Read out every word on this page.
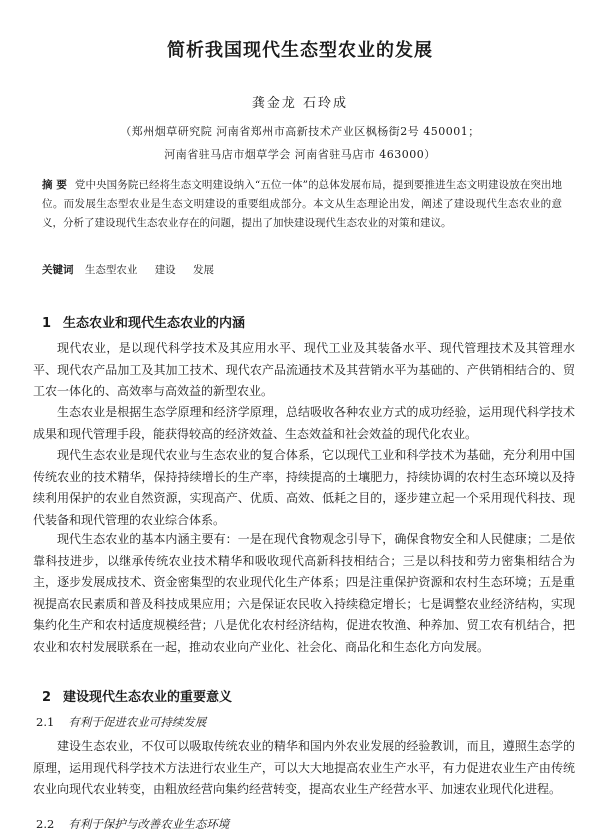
简析我国现代生态型农业的发展
龚金龙 石玲成
（郑州烟草研究院 河南省郑州市高新技术产业区枫杨街2号 450001；
河南省驻马店市烟草学会 河南省驻马店市 463000）
摘 要 党中央国务院已经将生态文明建设纳入“五位一体”的总体发展布局，提到要推进生态文明建设放在突出地位。而发展生态型农业是生态文明建设的重要组成部分。本文从生态理论出发，阐述了建设现代生态农业的意义，分析了建设现代生态农业存在的问题，提出了加快建设现代生态农业的对策和建议。
关键词 生态型农业 建设 发展
1 生态农业和现代生态农业的内涵
现代农业，是以现代科学技术及其应用水平、现代工业及其装备水平、现代管理技术及其管理水平、现代农产品加工及其加工技术、现代农产品流通技术及其营销水平为基础的、产供销相结合的、贸工农一体化的、高效率与高效益的新型农业。
生态农业是根据生态学原理和经济学原理，总结吸收各种农业方式的成功经验，运用现代科学技术成果和现代管理手段，能获得较高的经济效益、生态效益和社会效益的现代化农业。
现代生态农业是现代农业与生态农业的复合体系，它以现代工业和科学技术为基础，充分利用中国传统农业的技术精华，保持持续增长的生产率，持续提高的土壤肥力，持续协调的农村生态环境以及持续利用保护的农业自然资源，实现高产、优质、高效、低耗之目的，逐步建立起一个采用现代科技、现代装备和现代管理的农业综合体系。
现代生态农业的基本内涵主要有：一是在现代食物观念引导下，确保食物安全和人民健康；二是依靠科技进步，以继承传统农业技术精华和吸收现代高新科技相结合；三是以科技和劳力密集相结合为主，逐步发展成技术、资金密集型的农业现代化生产体系；四是注重保护资源和农村生态环境；五是重视提高农民素质和普及科技成果应用；六是保证农民收入持续稳定增长；七是调整农业经济结构，实现集约化生产和农村适度规模经营；八是优化农村经济结构，促进农牧渔、种养加、贸工农有机结合，把农业和农村发展联系在一起，推动农业向产业化、社会化、商品化和生态化方向发展。
2 建设现代生态农业的重要意义
2.1 有利于促进农业可持续发展
建设生态农业，不仅可以吸取传统农业的精华和国内外农业发展的经验教训，而且，遵照生态学的原理，运用现代科学技术方法进行农业生产，可以大大地提高农业生产水平，有力促进农业生产由传统农业向现代农业转变，由粗放经营向集约经营转变，提高农业生产经营水平、加速农业现代化进程。
2.2 有利于保护与改善农业生态环境
